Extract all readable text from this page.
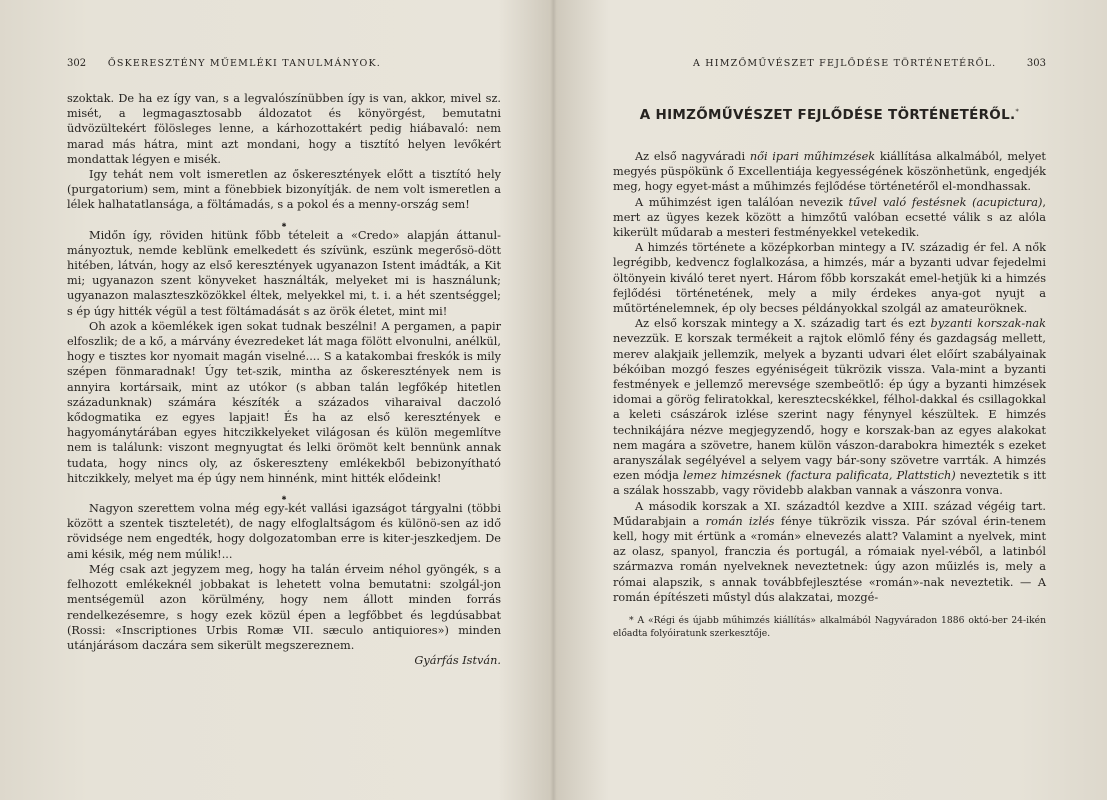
302 ŐSKERESZTÉNY MŰEMLÉKI TANULMÁNYOK.

szoktak. De ha ez így van, s a legvalószínübben így is van, akkor, mivel sz. misét, a legmagasztosabb áldozatot és könyörgést, bemutatni üdvözültekért fölösleges lenne, a kárhozottakért pedig hiábavaló: nem marad más hátra, mint azt mondani, hogy a tisztító helyen levőkért mondattak légyen e misék.

Igy tehát nem volt ismeretlen az őskeresztények előtt a tisztító hely (purgatorium) sem, mint a fönebbiek bizonyítják. de nem volt ismeretlen a lélek halhatatlansága, a föltámadás, s a pokol és a menny-ország sem!

✱

Midőn így, röviden hitünk főbb tételeit a «Credo» alapján áttanul-mányoztuk, nemde keblünk emelkedett és szívünk, eszünk megerősö-dött hitében, látván, hogy az első keresztények ugyanazon Istent imádták, a Kit mi; ugyanazon szent könyveket használták, melyeket mi is használunk; ugyanazon malaszteszközökkel éltek, melyekkel mi, t. i. a hét szentséggel; s ép úgy hitték végül a test föltámadását s az örök életet, mint mi!

Oh azok a köemlékek igen sokat tudnak beszélni! A pergamen, a papir elfoszlik; de a kő, a márvány évezredeket lát maga fölött elvonulni, anélkül, hogy e tisztes kor nyomait magán viselné.... S a katakombai freskók is mily szépen fönmaradnak! Úgy tet-szik, mintha az őskeresztények nem is annyira kortársaik, mint az utókor (s abban talán legfőkép hitetlen századunknak) számára készíték a százados viharaival daczoló kődogmatika ez egyes lapjait! És ha az első keresztények e hagyománytárában egyes hitczikkelyeket világosan és külön megemlítve nem is találunk: viszont megnyugtat és lelki örömöt kelt bennünk annak tudata, hogy nincs oly, az őskereszteny emlékekből bebizonyítható hitczikkely, melyet ma ép úgy nem hinnénk, mint hitték elődeink!

✱

Nagyon szerettem volna még egy-két vallási igazságot tárgyalni (többi között a szentek tiszteletét), de nagy elfoglaltságom és különö-sen az idő rövidsége nem engedték, hogy dolgozatomban erre is kiter-jeszkedjem. De ami késik, még nem múlik!...

Még csak azt jegyzem meg, hogy ha talán érveim néhol gyöngék, s a felhozott emlékeknél jobbakat is lehetett volna bemutatni: szolgál-jon mentségemül azon körülmény, hogy nem állott minden forrás rendelkezésemre, s hogy ezek közül épen a legfőbbet és legdúsabbat (Rossi: «Inscriptiones Urbis Romæ VII. sæculo antiquiores») minden utánjárásom daczára sem sikerült megszereznem.

Gyárfás István.
A HIMZŐMŰVÉSZET FEJLŐDÉSE TÖRTÉNETÉRŐL.	303
A HIMZŐMŰVÉSZET FEJLŐDÉSE TÖRTÉNETÉRŐL.*

Az első nagyváradi női ipari műhimzések kiállítása alkalmából, melyet megyés püspökünk ő Excellentiája kegyességének köszönhetünk, engedjék meg, hogy egyet-mást a műhimzés fejlődése történetéről el-mondhassak.

A műhimzést igen találóan nevezik tűvel való festésnek (acupictura), mert az ügyes kezek között a himzőtű valóban ecsetté válik s az alóla kikerült műdarab a mesteri festményekkel vetekedik.

A himzés története a középkorban mintegy a IV. századig ér fel. A nők legrégibb, kedvencz foglalkozása, a himzés, már a byzanti udvar fejedelmi öltönyein kiváló teret nyert. Három főbb korszakát emel-hetjük ki a himzés fejlődési történetének, mely a mily érdekes anya-got nyujt a műtörténelemnek, ép oly becses példányokkal szolgál az amateuröknek.

Az első korszak mintegy a X. századig tart és ezt byzanti korszak-nak nevezzük. E korszak termékeit a rajtok elömlő fény és gazdagság mellett, merev alakjaik jellemzik, melyek a byzanti udvari élet előírt szabályainak békóiban mozgó feszes egyéniségeit tükrözik vissza. Vala-mint a byzanti festmények e jellemző merevsége szembeötlő: ép úgy a byzanti himzések idomai a görög feliratokkal, keresztecskékkel, félhol-dakkal és csillagokkal a keleti császárok izlése szerint nagy fénynyel készültek. E himzés technikájára nézve megjegyzendő, hogy e korszak-ban az egyes alakokat nem magára a szövetre, hanem külön vászon-darabokra himezték s ezeket aranyszálak segélyével a selyem vagy bár-sony szövetre varrták. A himzés ezen módja lemez himzésnek (factura palificata, Plattstich) neveztetik s itt a szálak hosszabb, vagy rövidebb alakban vannak a vászonra vonva.

A második korszak a XI. századtól kezdve a XIII. század végéig tart. Műdarabjain a román izlés fénye tükrözik vissza. Pár szóval érin-tenem kell, hogy mit értünk a «román» elnevezés alatt? Valamint a nyelvek, mint az olasz, spanyol, franczia és portugál, a rómaiak nyel-véből, a latinból származva román nyelveknek neveztetnek: úgy azon műizlés is, mely a római alapszik, s annak továbbfejlesztése «román»-nak neveztetik. — A román építészeti műstyl dús alakzatai, mozgé-

* A «Régi és újabb műhimzés kiállítás» alkalmából Nagyváradon 1886 októ-ber 24-ikén előadta folyóiratunk szerkesztője.
